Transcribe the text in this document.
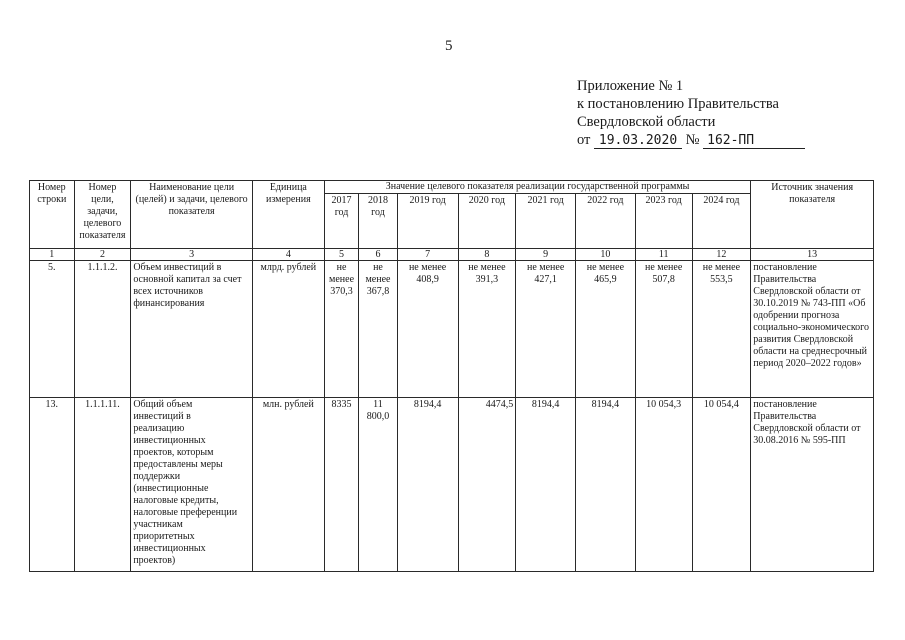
5
Приложение № 1
к постановлению Правительства
Свердловской области
от 19.03.2020 № 162-ПП
Номер строки	Номер цели, задачи, целевого показателя	Наименование цели (целей) и задачи, целевого показателя	Единица измерения	Значение целевого показателя реализации государственной программы								Источник значения показателя
				2017 год	2018 год	2019 год	2020 год	2021 год	2022 год	2023 год	2024 год	
1	2	3	4	5	6	7	8	9	10	11	12	13
5.	1.1.1.2.	Объем инвестиций в основной капитал за счет всех источников финансирования	млрд. рублей	не менее 370,3	не менее 367,8	не менее 408,9	не менее 391,3	не менее 427,1	не менее 465,9	не менее 507,8	не менее 553,5	постановление Правительства Свердловской области от 30.10.2019 № 743-ПП «Об одобрении прогноза социально-экономического развития Свердловской области на среднесрочный период 2020–2022 годов»
13.	1.1.1.11.	Общий объем инвестиций в реализацию инвестиционных проектов, которым предоставлены меры поддержки (инвестиционные налоговые кредиты, налоговые преференции участникам приоритетных инвестиционных проектов)	млн. рублей	8335	11 800,0	8194,4	4474,5	8194,4	8194,4	10 054,3	10 054,4	постановление Правительства Свердловской области от 30.08.2016 № 595-ПП
